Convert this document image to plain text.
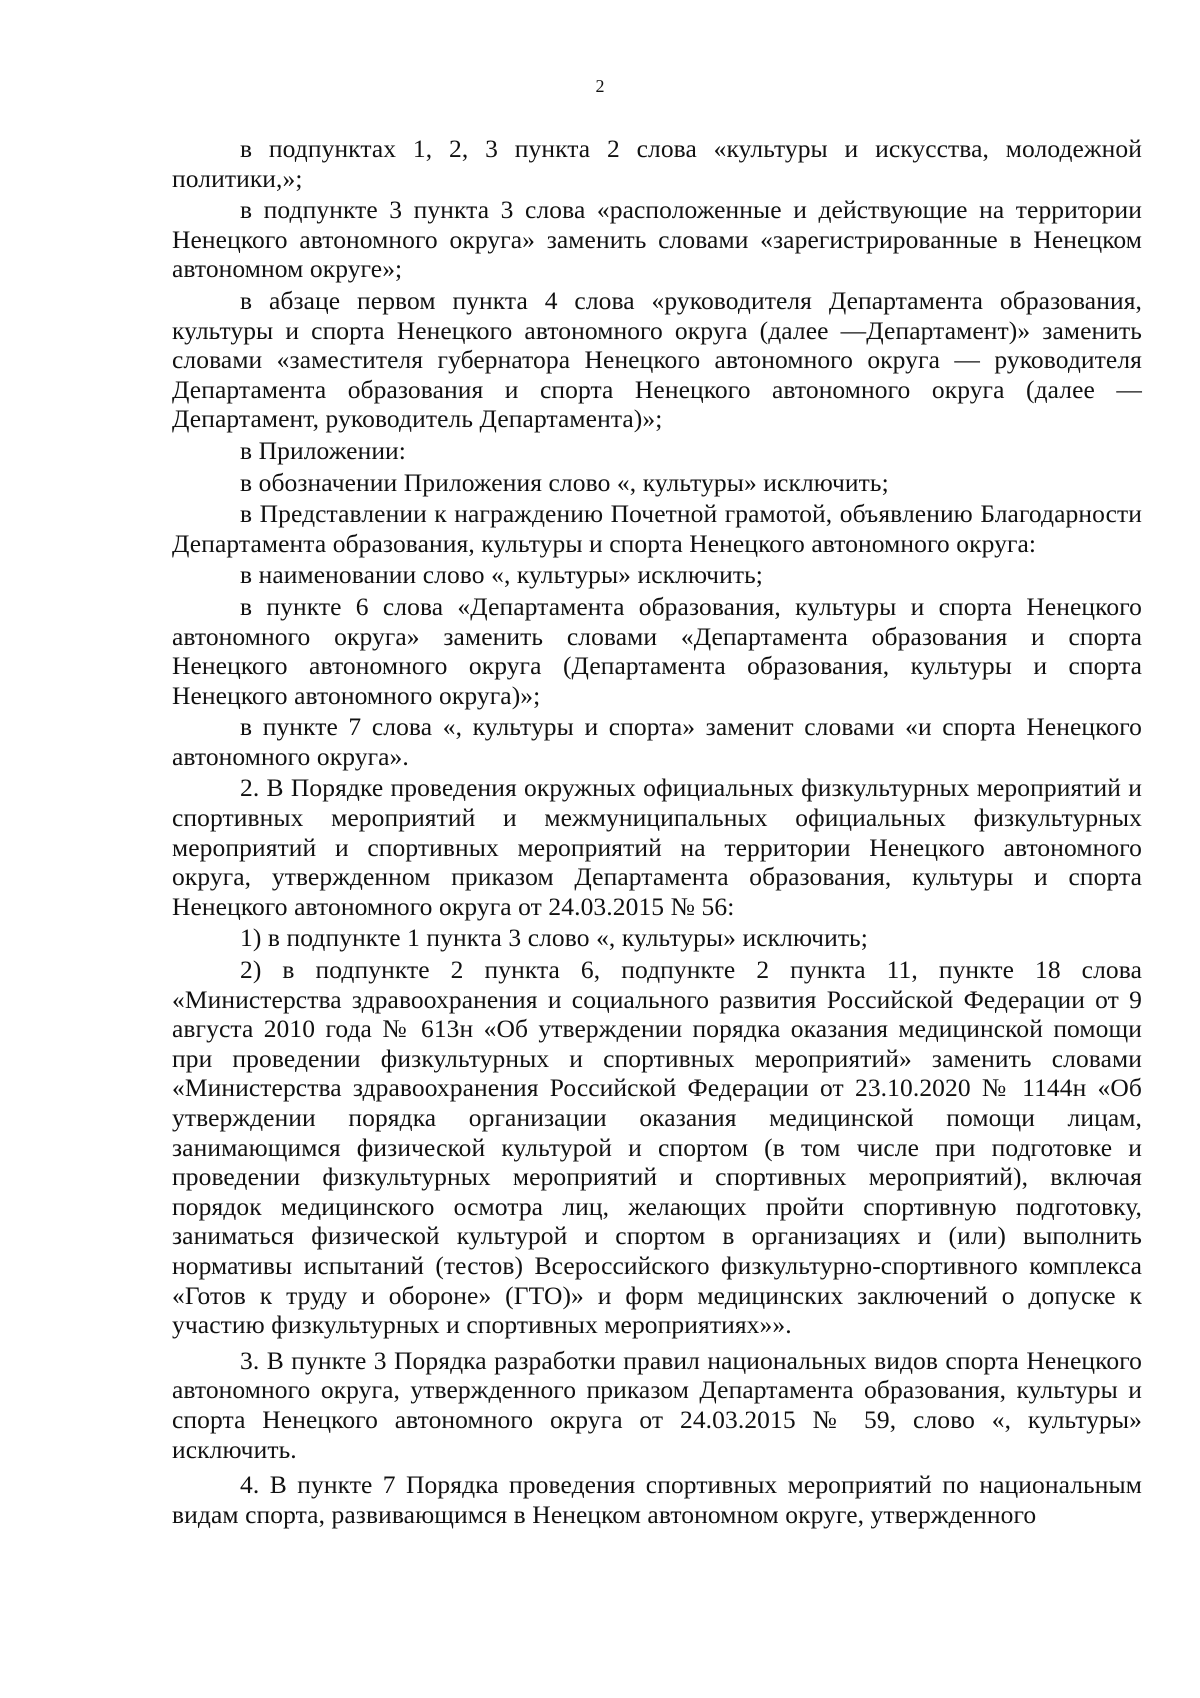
2

в подпунктах 1, 2, 3 пункта 2 слова «культуры и искусства, молодежной политики,»;

в подпункте 3 пункта 3 слова «расположенные и действующие на территории Ненецкого автономного округа» заменить словами «зарегистрированные в Ненецком автономном округе»;

в абзаце первом пункта 4 слова «руководителя Департамента образования, культуры и спорта Ненецкого автономного округа (далее —Департамент)» заменить словами «заместителя губернатора Ненецкого автономного округа — руководителя Департамента образования и спорта Ненецкого автономного округа (далее — Департамент, руководитель Департамента)»;

в Приложении:

в обозначении Приложения слово «, культуры» исключить;

в Представлении к награждению Почетной грамотой, объявлению Благодарности Департамента образования, культуры и спорта Ненецкого автономного округа:

в наименовании слово «, культуры» исключить;

в пункте 6 слова «Департамента образования, культуры и спорта Ненецкого автономного округа» заменить словами «Департамента образования и спорта Ненецкого автономного округа (Департамента образования, культуры и спорта Ненецкого автономного округа)»;

в пункте 7 слова «, культуры и спорта» заменит словами «и спорта Ненецкого автономного округа».

2. В Порядке проведения окружных официальных физкультурных мероприятий и спортивных мероприятий и межмуниципальных официальных физкультурных мероприятий и спортивных мероприятий на территории Ненецкого автономного округа, утвержденном приказом Департамента образования, культуры и спорта Ненецкого автономного округа от 24.03.2015 № 56:

1) в подпункте 1 пункта 3 слово «, культуры» исключить;

2) в подпункте 2 пункта 6, подпункте 2 пункта 11, пункте 18 слова «Министерства здравоохранения и социального развития Российской Федерации от 9 августа 2010 года № 613н «Об утверждении порядка оказания медицинской помощи при проведении физкультурных и спортивных мероприятий» заменить словами «Министерства здравоохранения Российской Федерации от 23.10.2020 № 1144н «Об утверждении порядка организации оказания медицинской помощи лицам, занимающимся физической культурой и спортом (в том числе при подготовке и проведении физкультурных мероприятий и спортивных мероприятий), включая порядок медицинского осмотра лиц, желающих пройти спортивную подготовку, заниматься физической культурой и спортом в организациях и (или) выполнить нормативы испытаний (тестов) Всероссийского физкультурно-спортивного комплекса «Готов к труду и обороне» (ГТО)» и форм медицинских заключений о допуске к участию физкультурных и спортивных мероприятиях»».

3. В пункте 3 Порядка разработки правил национальных видов спорта Ненецкого автономного округа, утвержденного приказом Департамента образования, культуры и спорта Ненецкого автономного округа от 24.03.2015 № 59, слово «, культуры» исключить.

4. В пункте 7 Порядка проведения спортивных мероприятий по национальным видам спорта, развивающимся в Ненецком автономном округе, утвержденного
